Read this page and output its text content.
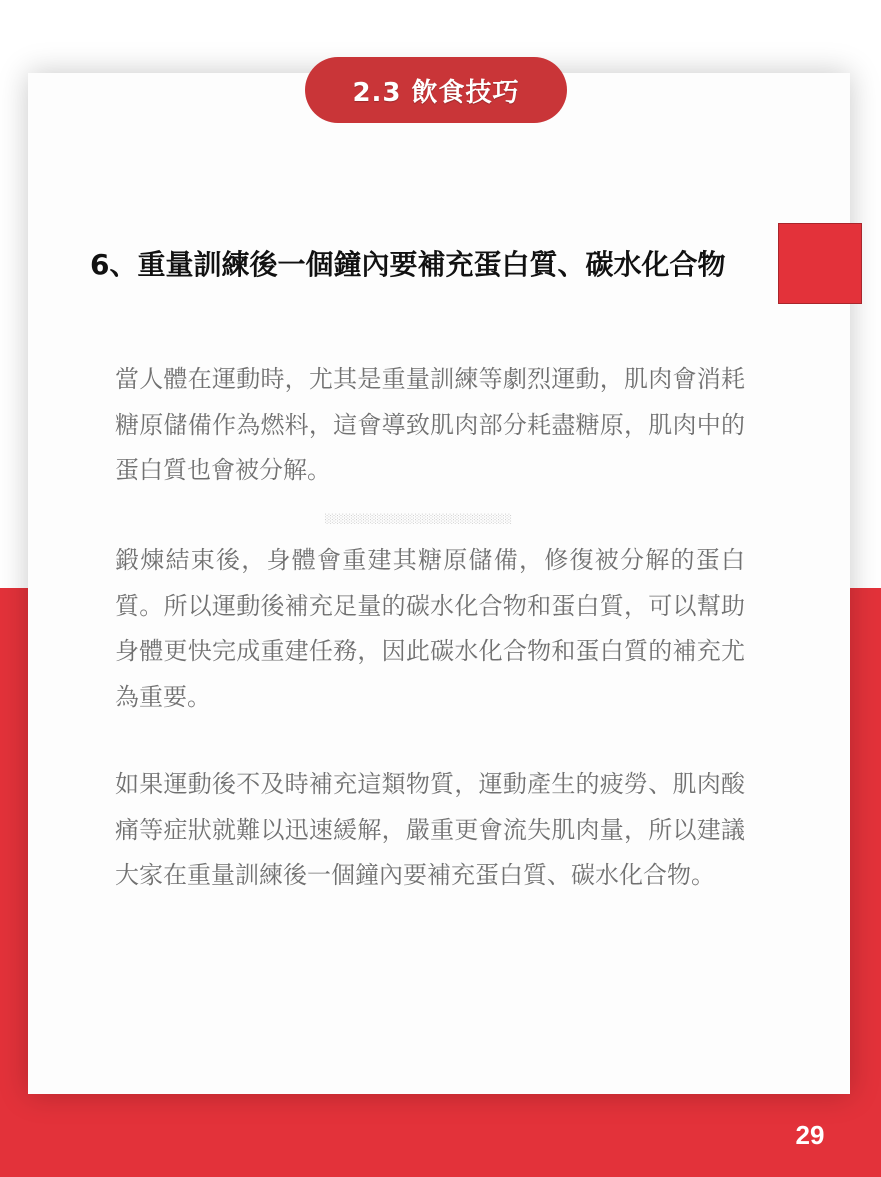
2.3 飲食技巧
6、重量訓練後一個鐘內要補充蛋白質、碳水化合物
當人體在運動時，尤其是重量訓練等劇烈運動，肌肉會消耗糖原儲備作為燃料，這會導致肌肉部分耗盡糖原，肌肉中的蛋白質也會被分解。
░░░░░░░░░░░░░░░░░░░░░░░░░░░
鍛煉結束後，身體會重建其糖原儲備，修復被分解的蛋白質。所以運動後補充足量的碳水化合物和蛋白質，可以幫助身體更快完成重建任務，因此碳水化合物和蛋白質的補充尤為重要。
如果運動後不及時補充這類物質，運動產生的疲勞、肌肉酸痛等症狀就難以迅速緩解，嚴重更會流失肌肉量，所以建議大家在重量訓練後一個鐘內要補充蛋白質、碳水化合物。
29
